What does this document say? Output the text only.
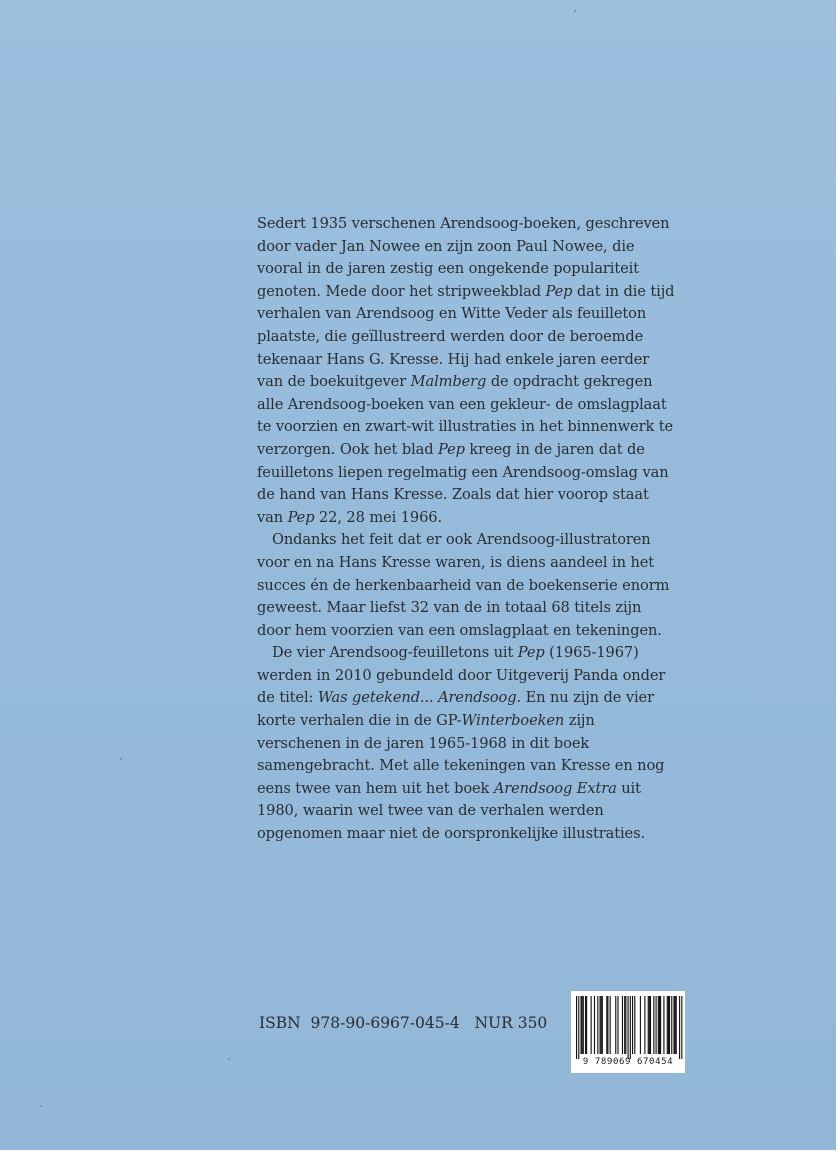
Sedert 1935 verschenen Arendsoog-boeken, geschreven door vader Jan Nowee en zijn zoon Paul Nowee, die vooral in de jaren zestig een ongekende populariteit genoten. Mede door het stripweekblad Pep dat in die tijd verhalen van Arendsoog en Witte Veder als feuilleton plaatste, die geïllustreerd werden door de beroemde tekenaar Hans G. Kresse. Hij had enkele jaren eerder van de boekuitgever Malmberg de opdracht gekregen alle Arendsoog-boeken van een gekleur- de omslagplaat te voorzien en zwart-wit illustraties in het binnenwerk te verzorgen. Ook het blad Pep kreeg in de jaren dat de feuilletons liepen regelmatig een Arendsoog-omslag van de hand van Hans Kresse. Zoals dat hier voorop staat van Pep 22, 28 mei 1966.

Ondanks het feit dat er ook Arendsoog-illustratoren voor en na Hans Kresse waren, is diens aandeel in het succes én de herkenbaarheid van de boekenserie enorm geweest. Maar liefst 32 van de in totaal 68 titels zijn door hem voorzien van een omslagplaat en tekeningen.

De vier Arendsoog-feuilletons uit Pep (1965-1967) werden in 2010 gebundeld door Uitgeverij Panda onder de titel: Was getekend... Arendsoog. En nu zijn de vier korte verhalen die in de GP-Winterboeken zijn verschenen in de jaren 1965-1968 in dit boek samengebracht. Met alle tekeningen van Kresse en nog eens twee van hem uit het boek Arendsoog Extra uit 1980, waarin wel twee van de verhalen werden opgenomen maar niet de oorspronkelijke illustraties.

ISBN  978-90-6967-045-4   NUR 350
9 789069 670454
